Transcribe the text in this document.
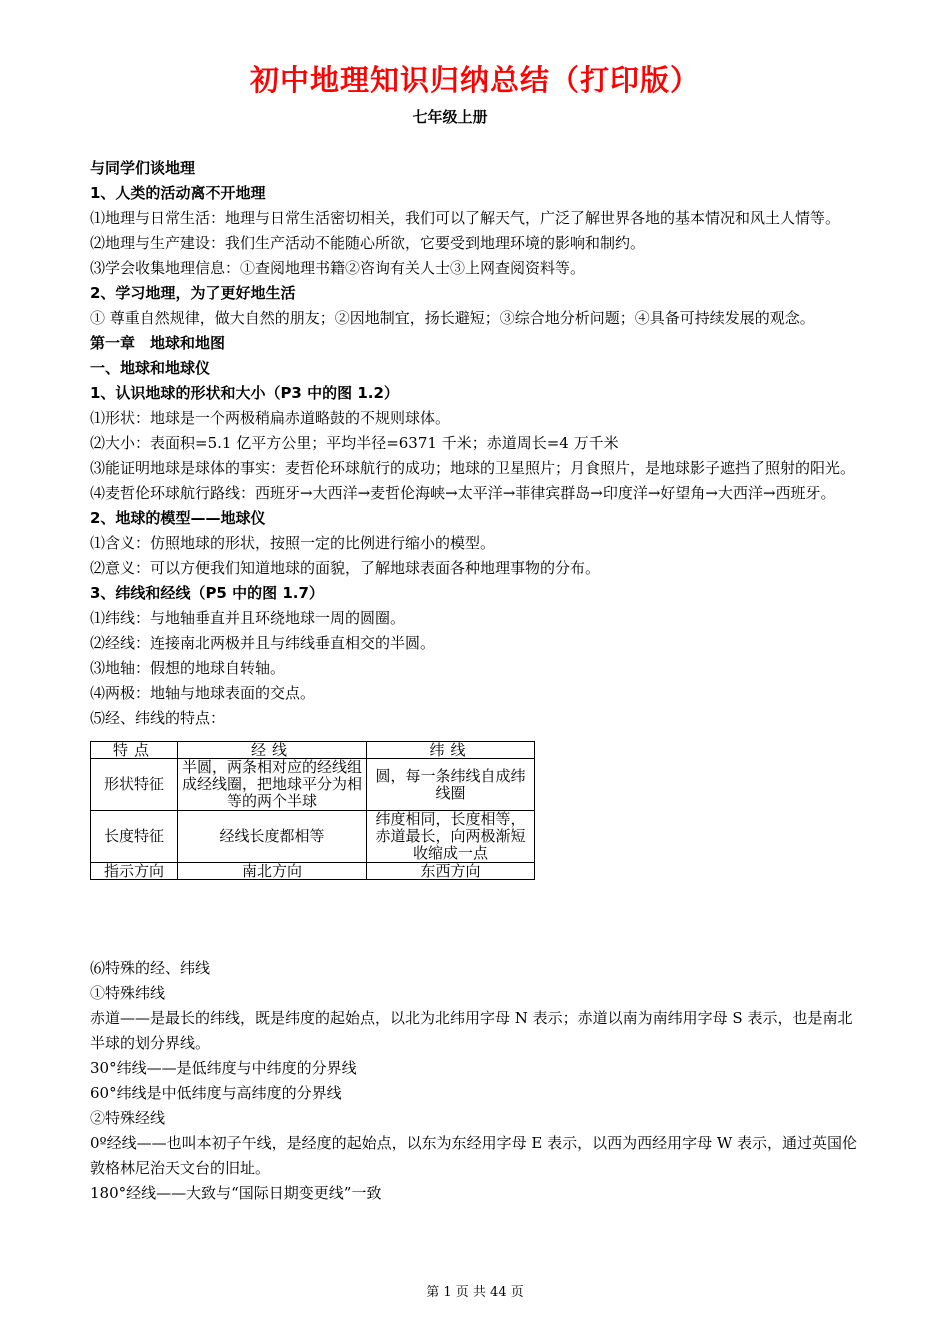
初中地理知识归纳总结（打印版）
七年级上册

与同学们谈地理

1、人类的活动离不开地理

⑴地理与日常生活：地理与日常生活密切相关，我们可以了解天气，广泛了解世界各地的基本情况和风土人情等。

⑵地理与生产建设：我们生产活动不能随心所欲，它要受到地理环境的影响和制约。

⑶学会收集地理信息：①查阅地理书籍②咨询有关人士③上网查阅资料等。

2、学习地理，为了更好地生活

① 尊重自然规律，做大自然的朋友；②因地制宜，扬长避短；③综合地分析问题；④具备可持续发展的观念。

第一章　地球和地图

一、地球和地球仪

1、认识地球的形状和大小（P3 中的图 1.2）

⑴形状：地球是一个两极稍扁赤道略鼓的不规则球体。

⑵大小：表面积=5.1 亿平方公里；平均半径=6371 千米；赤道周长=4 万千米

⑶能证明地球是球体的事实：麦哲伦环球航行的成功；地球的卫星照片；月食照片，是地球影子遮挡了照射的阳光。

⑷麦哲伦环球航行路线：西班牙→大西洋→麦哲伦海峡→太平洋→菲律宾群岛→印度洋→好望角→大西洋→西班牙。

2、地球的模型——地球仪

⑴含义：仿照地球的形状，按照一定的比例进行缩小的模型。

⑵意义：可以方便我们知道地球的面貌，了解地球表面各种地理事物的分布。

3、纬线和经线（P5 中的图 1.7）

⑴纬线：与地轴垂直并且环绕地球一周的圆圈。

⑵经线：连接南北两极并且与纬线垂直相交的半圆。

⑶地轴：假想的地球自转轴。

⑷两极：地轴与地球表面的交点。

⑸经、纬线的特点：

特点	经线	纬线
形状特征	半圆，两条相对应的经线组成经线圈，把地球平分为相等的两个半球	圆，每一条纬线自成纬线圈
长度特征	经线长度都相等	纬度相同，长度相等，赤道最长，向两极渐短收缩成一点
指示方向	南北方向	东西方向

⑹特殊的经、纬线

①特殊纬线

赤道——是最长的纬线，既是纬度的起始点，以北为北纬用字母 N 表示；赤道以南为南纬用字母 S 表示，也是南北半球的划分界线。

30°纬线——是低纬度与中纬度的分界线

60°纬线是中低纬度与高纬度的分界线

②特殊经线

0º经线——也叫本初子午线，是经度的起始点，以东为东经用字母 E 表示，以西为西经用字母 W 表示，通过英国伦敦格林尼治天文台的旧址。

180°经线——大致与“国际日期变更线”一致

第 1 页 共 44 页
